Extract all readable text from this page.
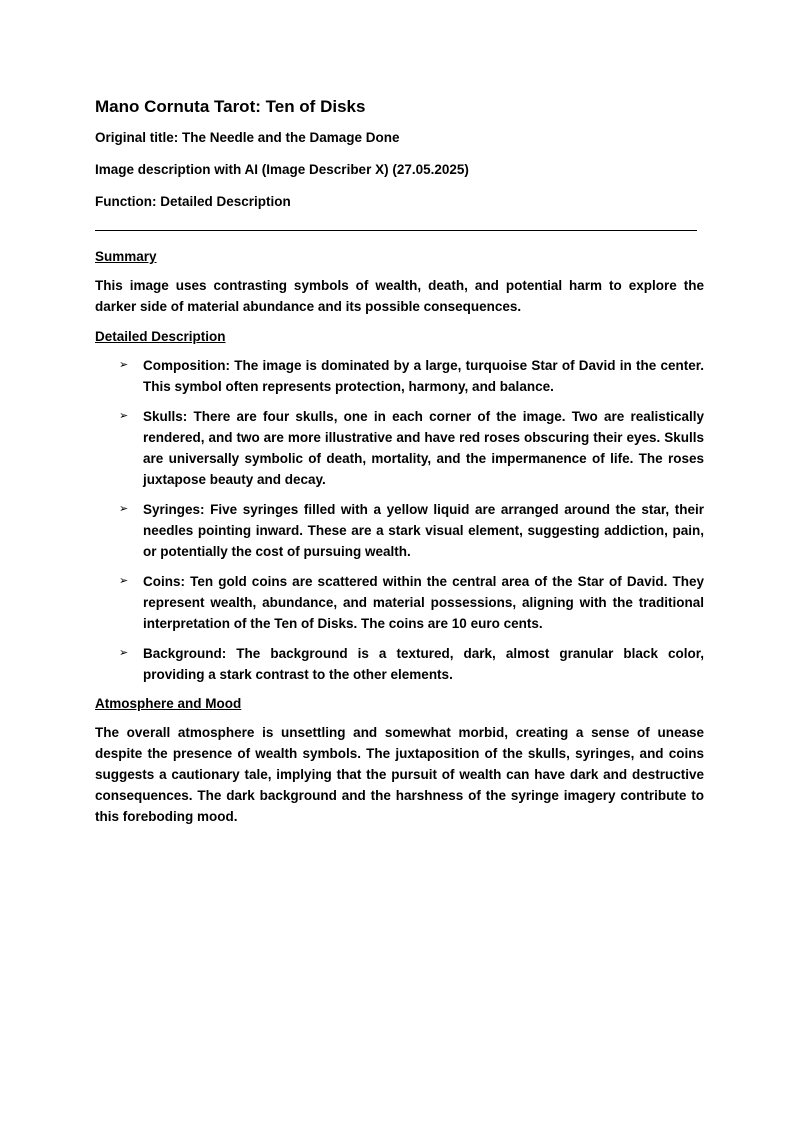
Mano Cornuta Tarot: Ten of Disks
Original title: The Needle and the Damage Done
Image description with AI (Image Describer X) (27.05.2025)
Function: Detailed Description
Summary
This image uses contrasting symbols of wealth, death, and potential harm to explore the darker side of material abundance and its possible consequences.
Detailed Description
➢ Composition: The image is dominated by a large, turquoise Star of David in the center. This symbol often represents protection, harmony, and balance.
➢ Skulls: There are four skulls, one in each corner of the image. Two are realistically rendered, and two are more illustrative and have red roses obscuring their eyes. Skulls are universally symbolic of death, mortality, and the impermanence of life. The roses juxtapose beauty and decay.
➢ Syringes: Five syringes filled with a yellow liquid are arranged around the star, their needles pointing inward. These are a stark visual element, suggesting addiction, pain, or potentially the cost of pursuing wealth.
➢ Coins: Ten gold coins are scattered within the central area of the Star of David. They represent wealth, abundance, and material possessions, aligning with the traditional interpretation of the Ten of Disks. The coins are 10 euro cents.
➢ Background: The background is a textured, dark, almost granular black color, providing a stark contrast to the other elements.
Atmosphere and Mood
The overall atmosphere is unsettling and somewhat morbid, creating a sense of unease despite the presence of wealth symbols. The juxtaposition of the skulls, syringes, and coins suggests a cautionary tale, implying that the pursuit of wealth can have dark and destructive consequences. The dark background and the harshness of the syringe imagery contribute to this foreboding mood.
